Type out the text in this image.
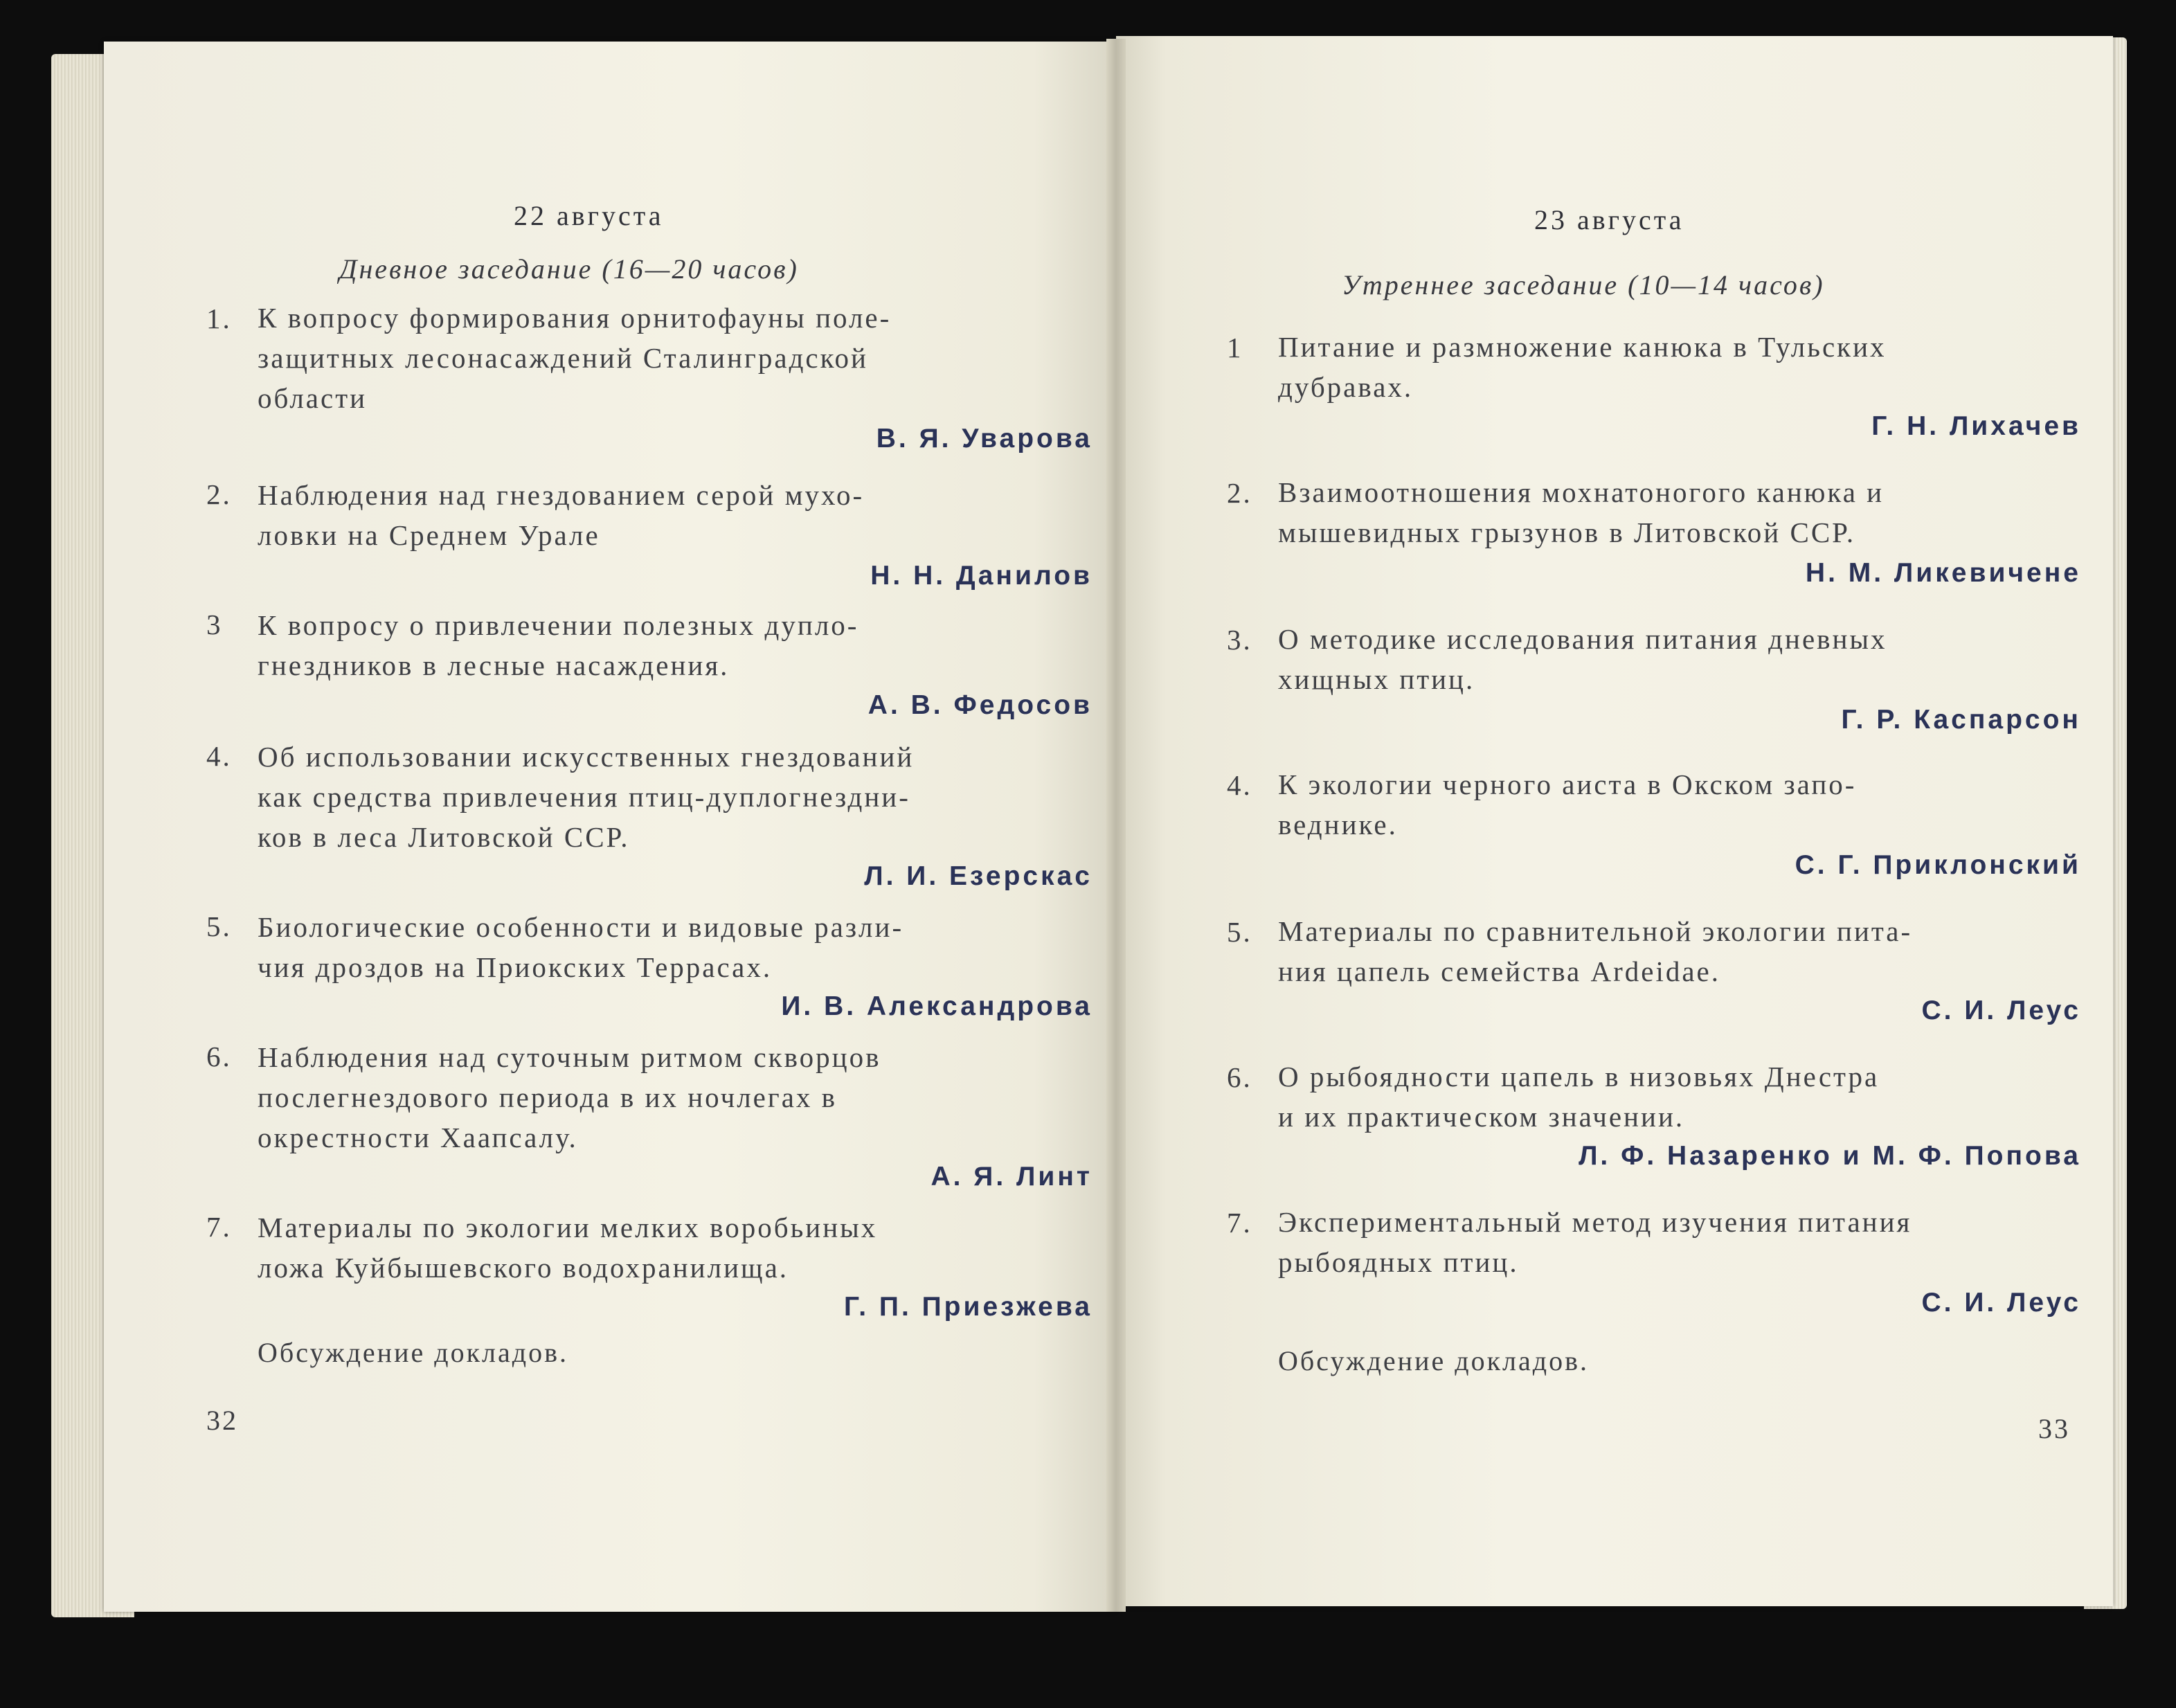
22 августа
Дневное заседание (16—20 часов)
1. К вопросу формирования орнитофауны поле-
защитных лесонасаждений Сталинградской
области
В. Я. Уварова
2. Наблюдения над гнездованием серой мухо-
ловки на Среднем Урале
Н. Н. Данилов
3	К вопросу о привлечении полезных дупло-
гнездников в лесные насаждения.
А. В. Федосов
4. Об использовании искусственных гнездований
как средства привлечения птиц-дуплогнездни-
ков в леса Литовской ССР.
Л. И. Езерскас
5. Биологические особенности и видовые разли-
чия дроздов на Приокских Террасах.
И. В. Александрова
6. Наблюдения над суточным ритмом скворцов
послегнездового периода в их ночлегах в
окрестности Хаапсалу.
А. Я. Линт
7. Материалы по экологии мелких воробьиных
ложа Куйбышевского водохранилища.
Г. П. Приезжева
Обсуждение докладов.
32
23 августа
Утреннее заседание (10—14 часов)
1	Питание и размножение канюка в Тульских
дубравах.
Г. Н. Лихачев
2. Взаимоотношения мохнатоногого канюка и
мышевидных грызунов в Литовской ССР.
Н. М. Ликевичене
3. О методике исследования питания дневных
хищных птиц.
Г. Р. Каспарсон
4. К экологии черного аиста в Окском запо-
веднике.
С. Г. Приклонский
5. Материалы по сравнительной экологии пита-
ния цапель семейства Ardeidae.
С. И. Леус
6. О рыбоядности цапель в низовьях Днестра
и их практическом значении.
Л. Ф. Назаренко и М. Ф. Попова
7. Экспериментальный метод изучения питания
рыбоядных птиц.
С. И. Леус
Обсуждение докладов.
33
